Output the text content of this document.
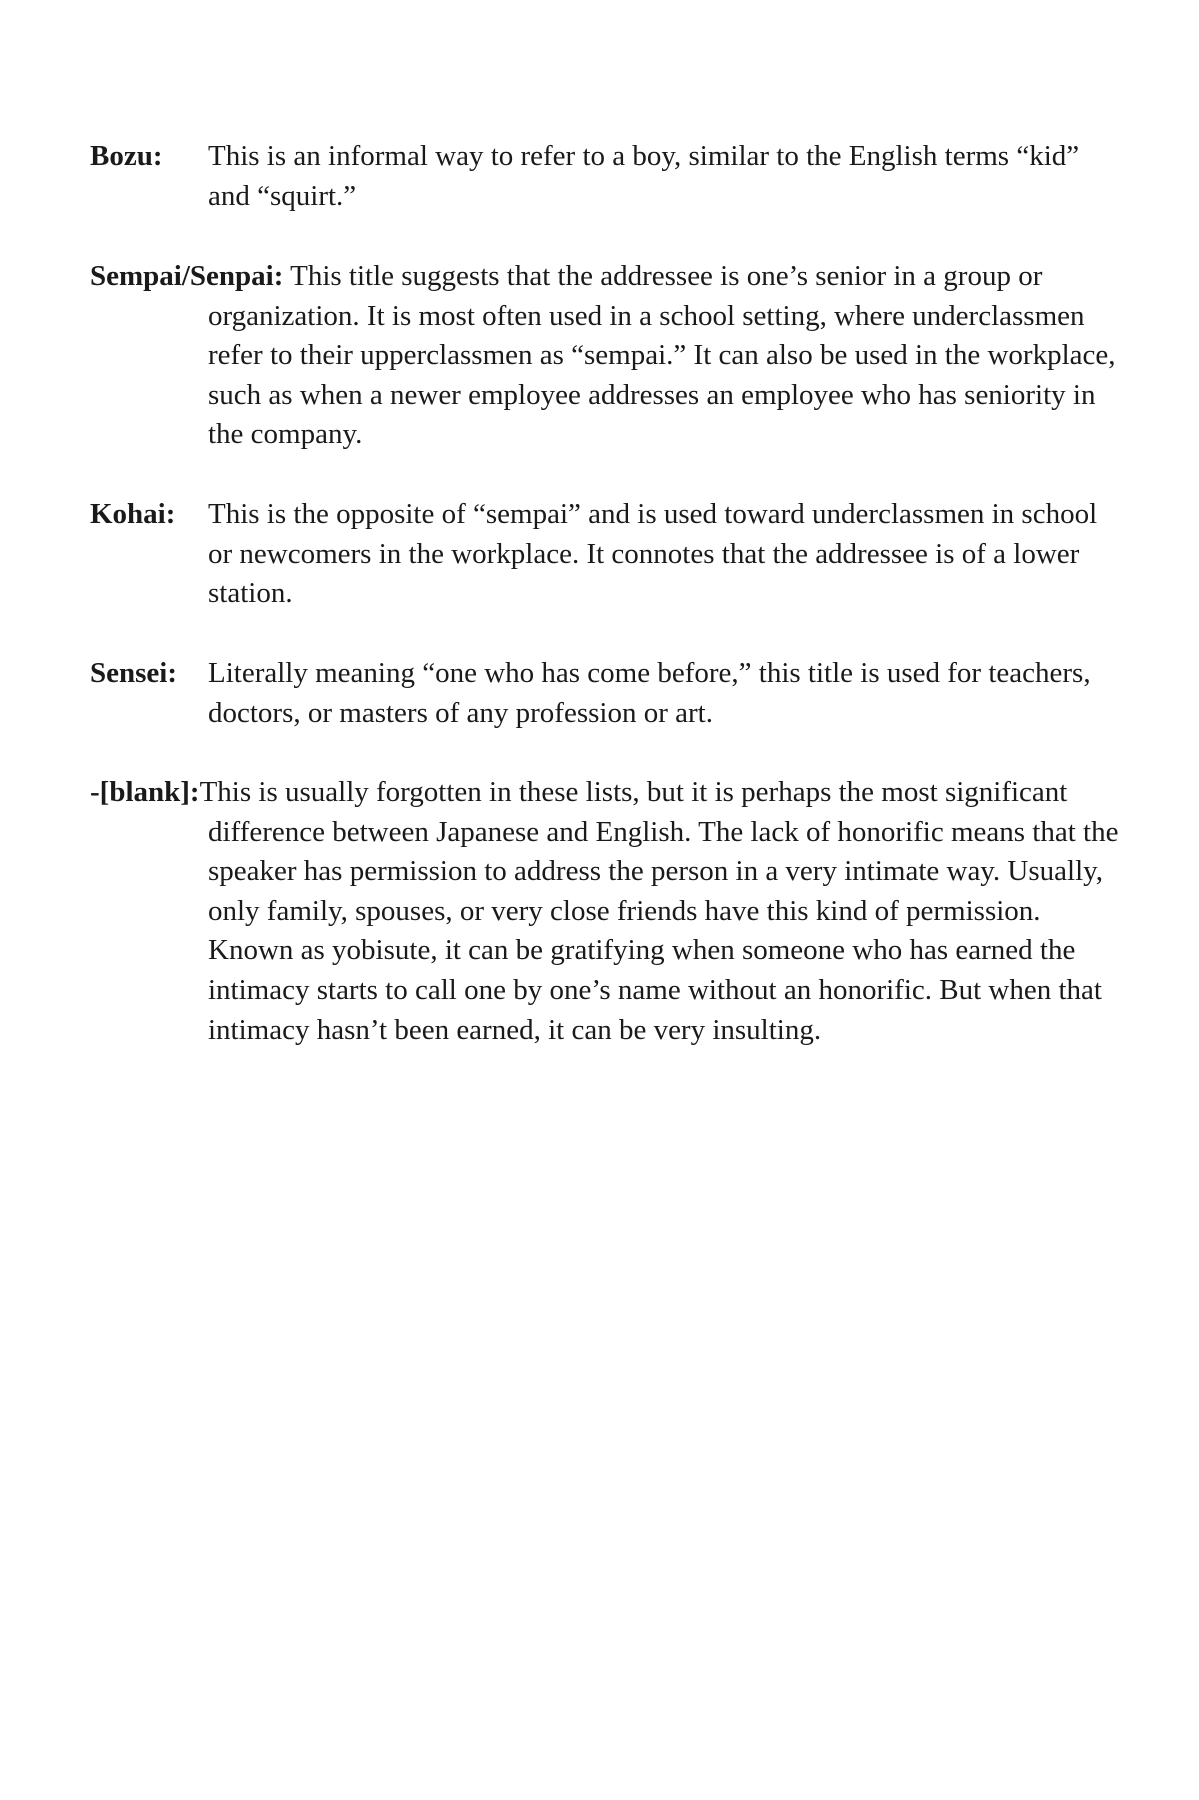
Bozu:	This is an informal way to refer to a boy, similar to the English terms “kid” and “squirt.”

Sempai/Senpai: This title suggests that the addressee is one’s senior in a group or organization. It is most often used in a school setting, where underclassmen refer to their upperclassmen as “sempai.” It can also be used in the workplace, such as when a newer employee addresses an employee who has seniority in the company.

Kohai:	This is the opposite of “sempai” and is used toward underclassmen in school or newcomers in the workplace. It connotes that the addressee is of a lower station.

Sensei:	Literally meaning “one who has come before,” this title is used for teachers, doctors, or masters of any profession or art.

-[blank]:This is usually forgotten in these lists, but it is perhaps the most significant difference between Japanese and English. The lack of honorific means that the speaker has permission to address the person in a very intimate way. Usually, only family, spouses, or very close friends have this kind of permission. Known as yobisute, it can be gratifying when someone who has earned the intimacy starts to call one by one’s name without an honorific. But when that intimacy hasn’t been earned, it can be very insulting.
